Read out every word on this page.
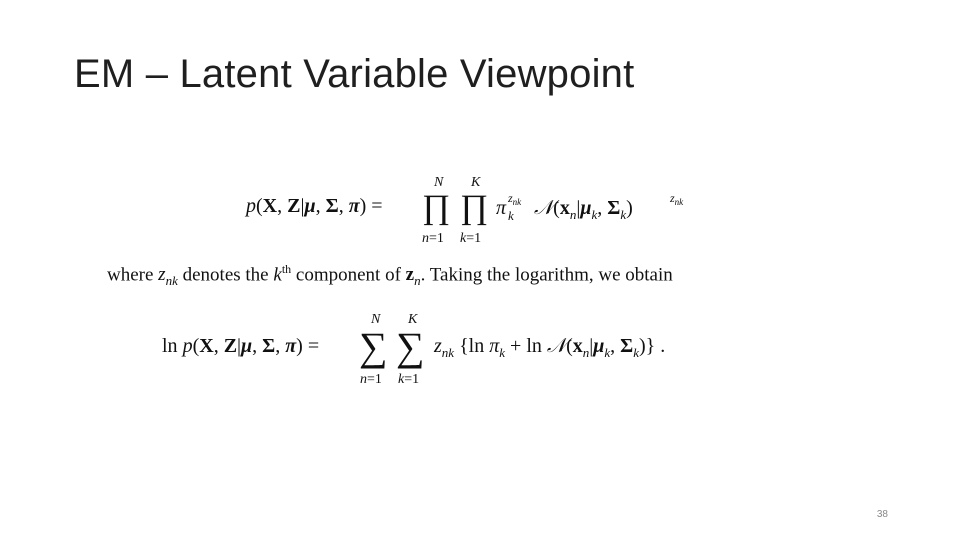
EM – Latent Variable Viewpoint
p(X, Z|μ, Σ, π) =
N
∏
n=1
K
∏
k=1
π k
$z_{nk}$ $𝒩(x_n|\mu_k$, $\Sigma_k$)	$z_{nk}$
where $z_{nk}$ denotes the $k^{th}$ component of $z_n$. Taking the logarithm, we obtain
ln p(X, Z|μ, Σ, π) =
N
∑
n=1
K
∑
k=1
$z_{nk}$ {ln $\pi_k + \ln$ $𝒩(x_n|\mu_k$, $\Sigma_k$)} .
38
